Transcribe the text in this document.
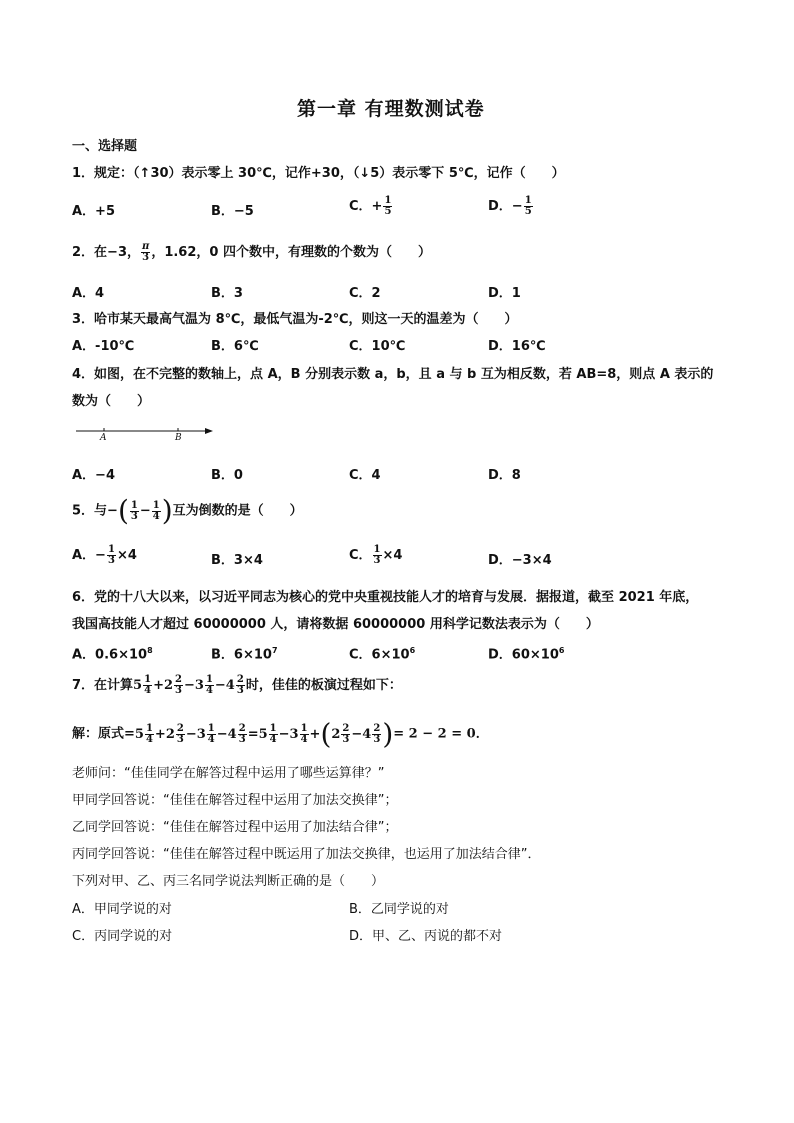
第一章 有理数测试卷
一、选择题
1．规定：（↑30）表示零上 30℃，记作+30，（↓5）表示零下 5℃，记作（　　）
A．+5	B．−5	C．+ $\frac{1}{5}$	D．− $\frac{1}{5}$
2．在−3， $\frac{\pi}{3}$ ，1.62，0 四个数中，有理数的个数为（　　）
A．4	B．3	C．2	D．1
3．哈市某天最高气温为 8℃，最低气温为-2℃，则这一天的温差为（　　）
A．-10℃	B．6℃	C．10℃	D．16℃
4．如图，在不完整的数轴上，点 A，B 分别表示数 a，b，且 a 与 b 互为相反数，若 AB=8，则点 A 表示的
数为（　　）
A	B
A．−4	B．0	C．4	D．8
5．与−( $\frac{1}{3} - \frac{1}{4}$ )互为倒数的是（　　）
A．− $\frac{1}{3} \times 4$	B．3×4	C． $\frac{1}{3} \times 4$	D．−3×4
6．党的十八大以来，以习近平同志为核心的党中央重视技能人才的培育与发展．据报道，截至 2021 年底，
我国高技能人才超过 60000000 人，请将数据 60000000 用科学记数法表示为（　　）
A．$0.6\times 10^8$	B．$6\times 10^7$	C．$6\times 10^6$	D．$60\times 10^6$
7．在计算$5 \frac{1}{4} +2 \frac{2}{3} -3 \frac{1}{4} -4 \frac{2}{3}$ 时，佳佳的板演过程如下：
解：原式$=5 \frac{1}{4} +2 \frac{2}{3} -3 \frac{1}{4} -4 \frac{2}{3} =5 \frac{1}{4} -3 \frac{1}{4} +(2 \frac{2}{3} -4 \frac{2}{3}$ )= 2 − 2 = 0．
老师问：“佳佳同学在解答过程中运用了哪些运算律？”
甲同学回答说：“佳佳在解答过程中运用了加法交换律”；
乙同学回答说：“佳佳在解答过程中运用了加法结合律”；
丙同学回答说：“佳佳在解答过程中既运用了加法交换律，也运用了加法结合律”．
下列对甲、乙、丙三名同学说法判断正确的是（　　）
A．甲同学说的对	B．乙同学说的对
C．丙同学说的对	D．甲、乙、丙说的都不对
